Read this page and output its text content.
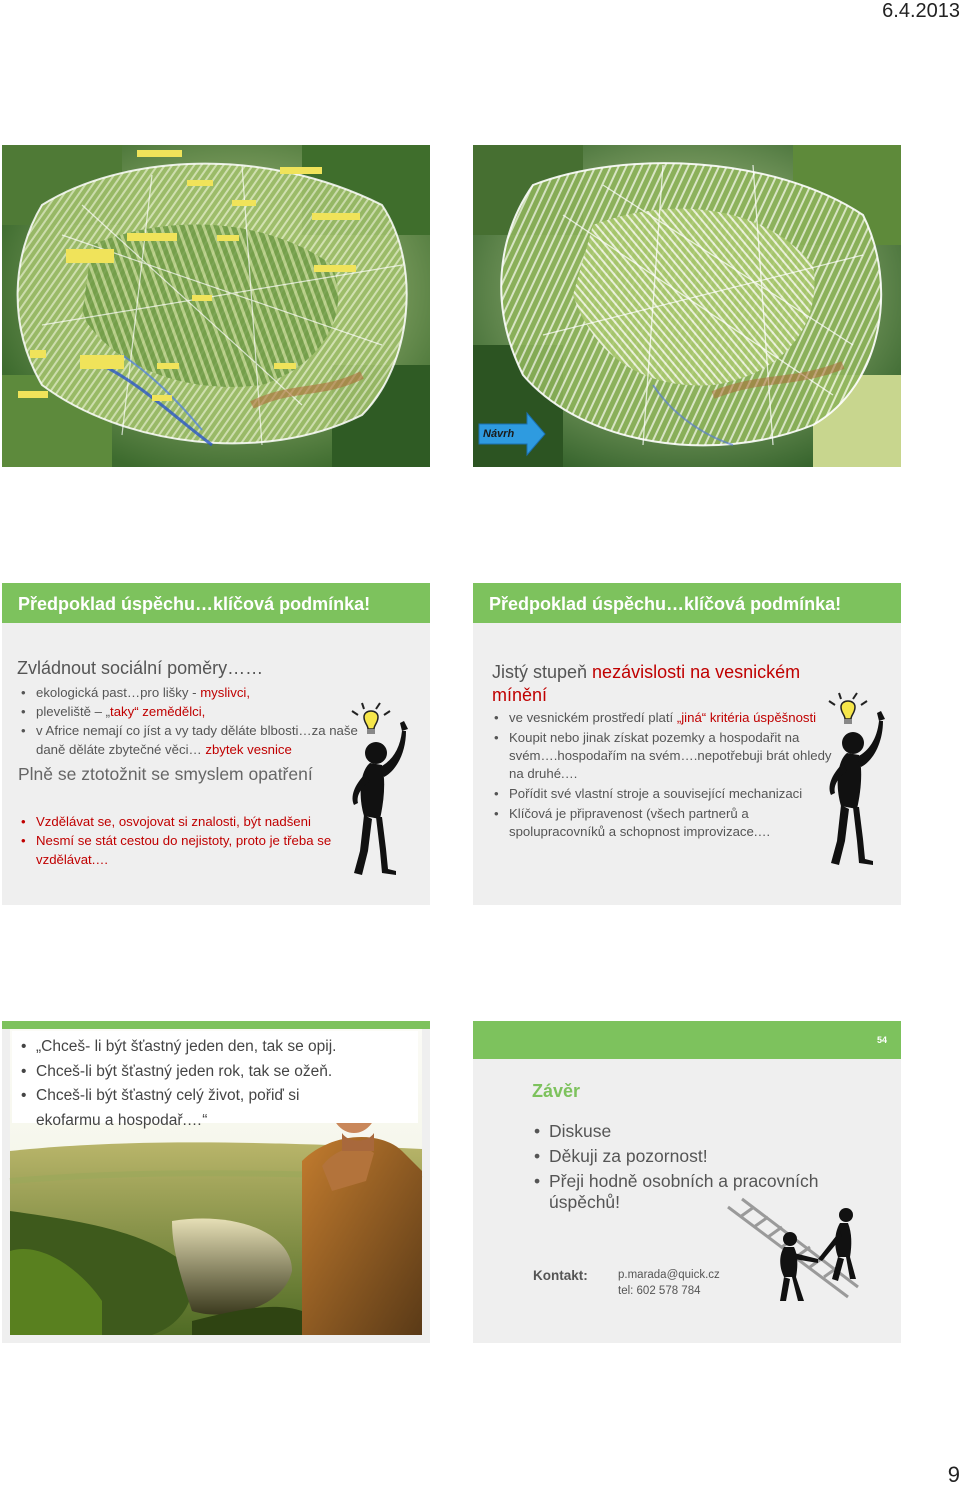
6.4.2013
Návrh
Předpoklad úspěchu…klíčová podmínka!
Zvládnout sociální poměry……
• ekologická past…pro lišky - myslivci,
• pleveliště – „taky“ zemědělci,
• v Africe nemají co jíst a vy tady děláte blbosti…za naše daně děláte zbytečné věci… zbytek vesnice
Plně se ztotožnit se smyslem opatření
• Vzdělávat se, osvojovat si znalosti, být nadšeni
• Nesmí se stát cestou do nejistoty, proto je třeba se vzdělávat.…
Předpoklad úspěchu…klíčová podmínka!
Jistý stupeň nezávislosti na vesnickém mínění
• ve vesnickém prostředí platí „jiná“ kritéria úspěšnosti
• Koupit nebo jinak získat pozemky a hospodařit na svém….hospodařím na svém….nepotřebuji brát ohledy na druhé.…
• Pořídit své vlastní stroje a související mechanizaci
• Klíčová je připravenost (všech partnerů a spolupracovníků a schopnost improvizace.…
• „Chceš- li být šťastný jeden den, tak se opij.
• Chceš-li být šťastný jeden rok, tak se ožeň.
• Chceš-li být šťastný celý život, pořiď si ekofarmu a hospodař.…“
54
Závěr
• Diskuse
• Děkuji za pozornost!
• Přeji hodně osobních a pracovních úspěchů!
Kontakt:	p.marada@quick.cz
tel: 602 578 784
9
